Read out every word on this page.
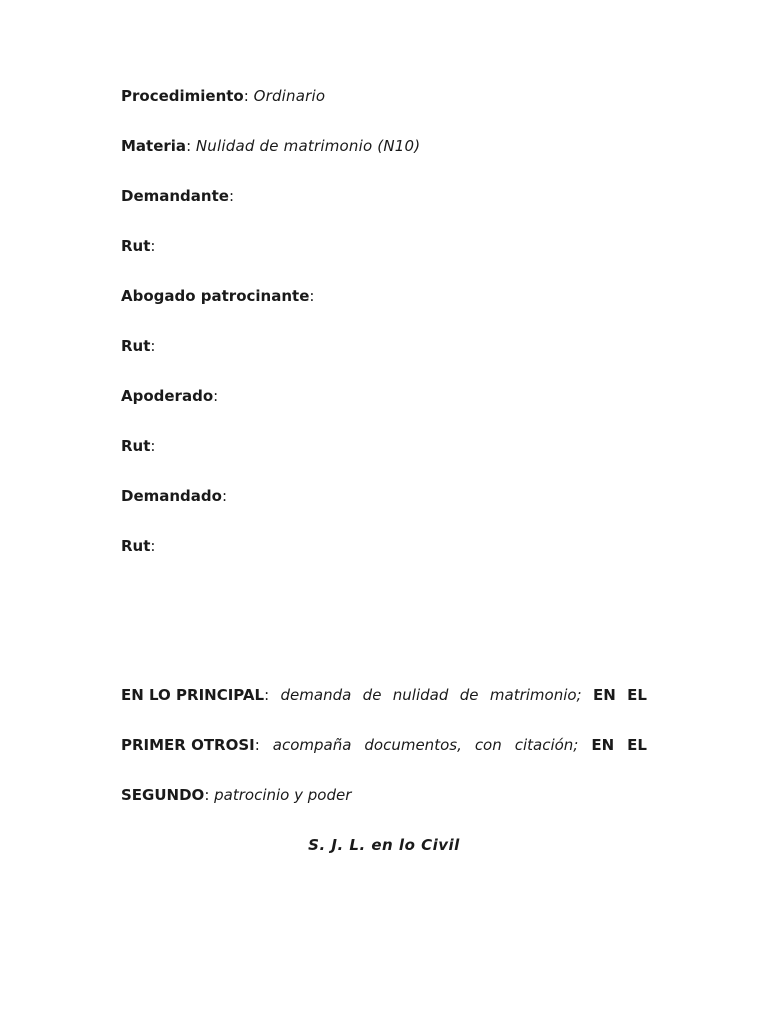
Procedimiento: Ordinario
Materia: Nulidad de matrimonio (N10)
Demandante:
Rut:
Abogado patrocinante:
Rut:
Apoderado:
Rut:
Demandado:
Rut:
EN LO PRINCIPAL: demanda de nulidad de matrimonio; EN EL
PRIMER OTROSI: acompaña documentos, con citación; EN EL
SEGUNDO :
patrocinio y poder
S. J. L. en lo Civil
